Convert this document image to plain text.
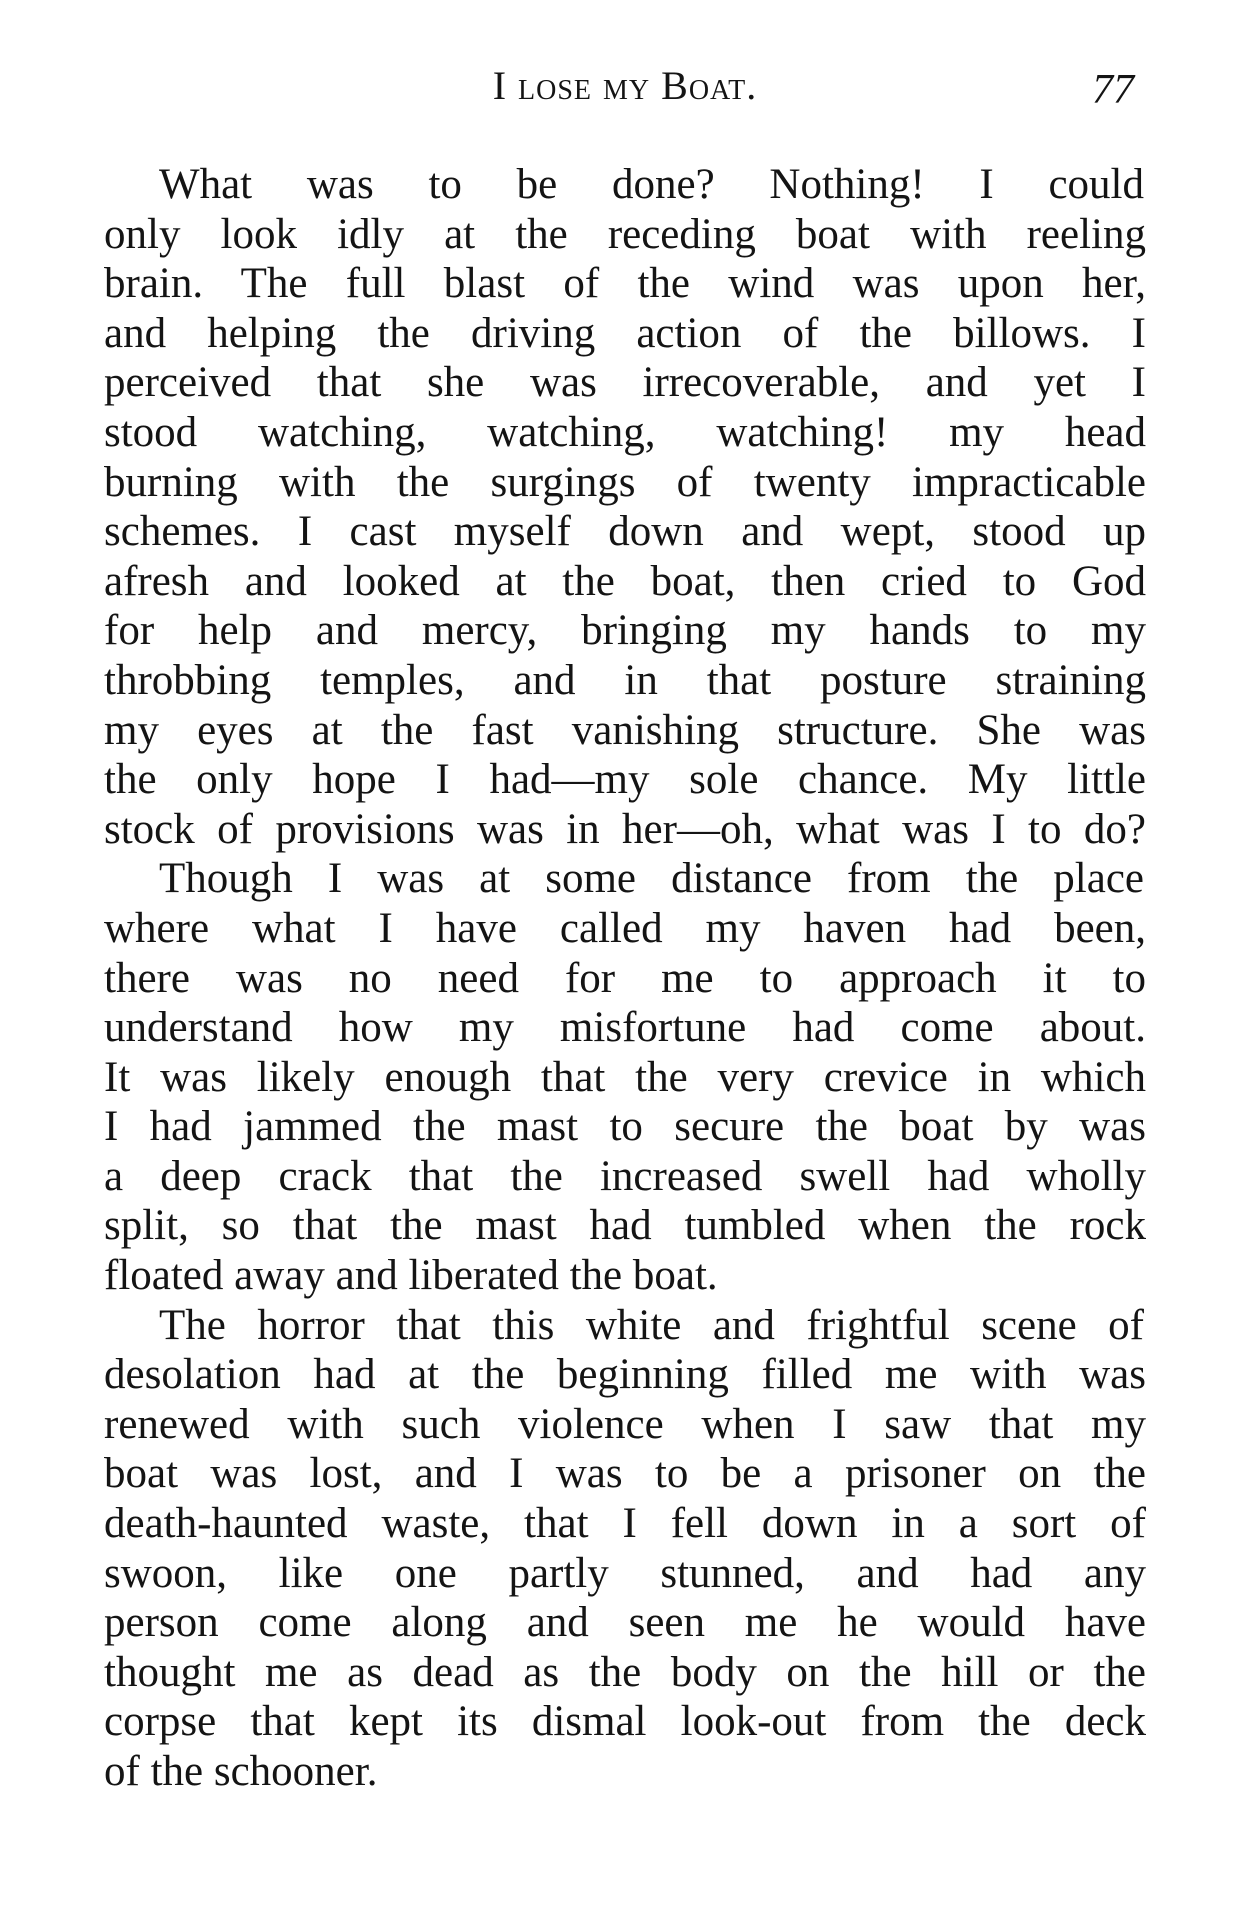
I lose my Boat.	77
What was to be done? Nothing! I could
only look idly at the receding boat with reeling
brain. The full blast of the wind was upon her,
and helping the driving action of the billows. I
perceived that she was irrecoverable, and yet I
stood watching, watching, watching! my head
burning with the surgings of twenty impracticable
schemes. I cast myself down and wept, stood up
afresh and looked at the boat, then cried to God
for help and mercy, bringing my hands to my
throbbing temples, and in that posture straining
my eyes at the fast vanishing structure. She was
the only hope I had—my sole chance. My little
stock of provisions was in her—oh, what was I to do?
Though I was at some distance from the place
where what I have called my haven had been,
there was no need for me to approach it to
understand how my misfortune had come about.
It was likely enough that the very crevice in which
I had jammed the mast to secure the boat by was
a deep crack that the increased swell had wholly
split, so that the mast had tumbled when the rock
floated away and liberated the boat.
The horror that this white and frightful scene of
desolation had at the beginning filled me with was
renewed with such violence when I saw that my
boat was lost, and I was to be a prisoner on the
death-haunted waste, that I fell down in a sort of
swoon, like one partly stunned, and had any
person come along and seen me he would have
thought me as dead as the body on the hill or the
corpse that kept its dismal look-out from the deck
of the schooner.
